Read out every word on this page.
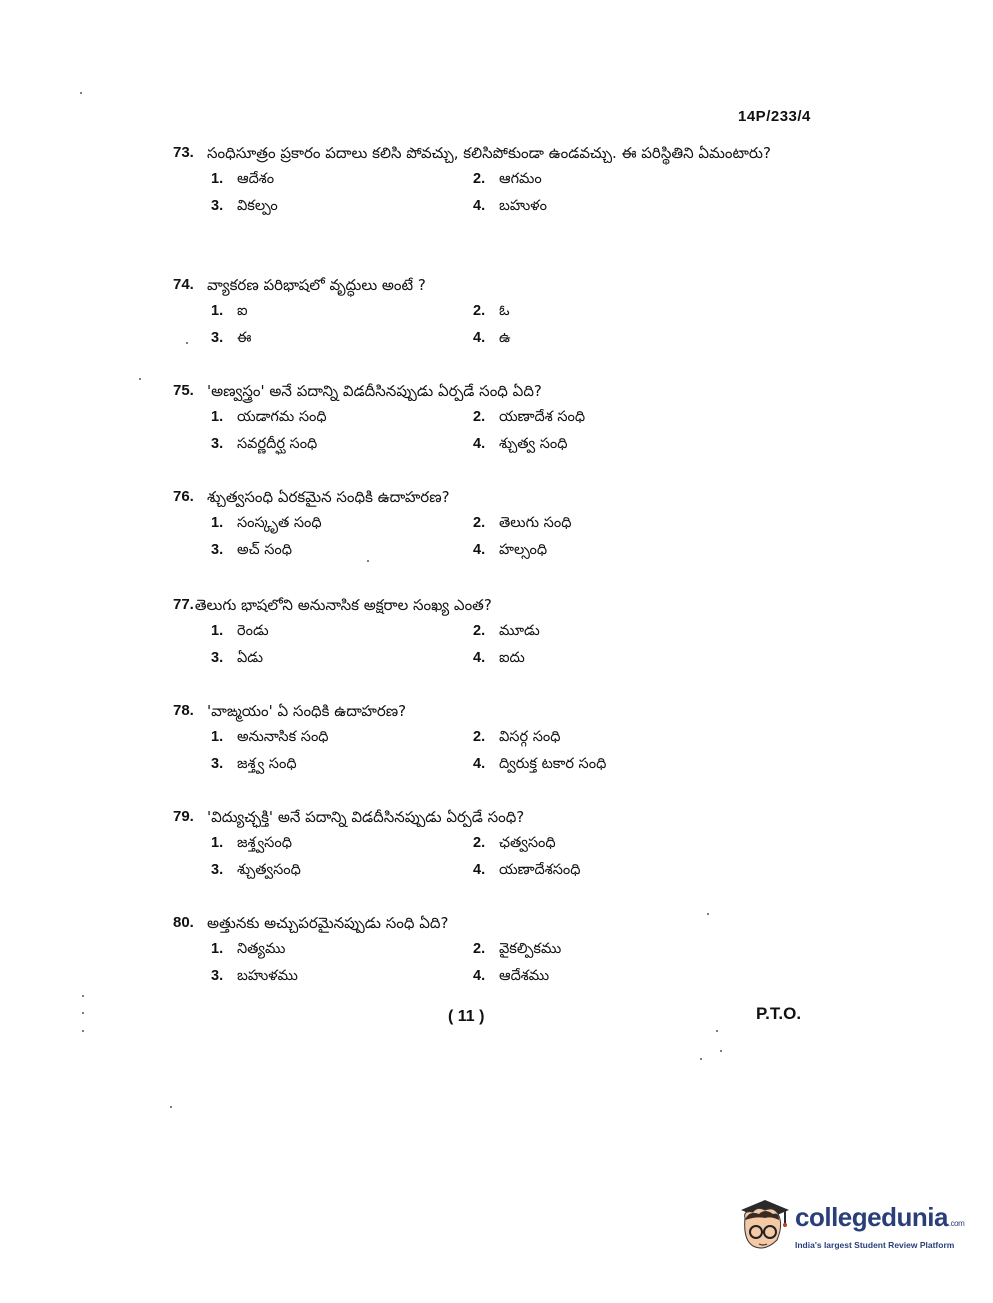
14P/233/4
73. సంధిసూత్రం ప్రకారం పదాలు కలిసి పోవచ్చు, కలిసిపోకుండా ఉండవచ్చు. ఈ పరిస్థితిని ఏమంటారు?
1. ఆదేశం	2. ఆగమం
3. వికల్పం	4. బహుళం
74. వ్యాకరణ పరిభాషలో వృద్ధులు అంటే ?
1. ఐ	2. ఓ
3. ఈ	4. ఉ
75. 'అణ్వస్త్రం' అనే పదాన్ని విడదీసినప్పుడు ఏర్పడే సంధి ఏది?
1. యడాగమ సంధి	2. యణాదేశ సంధి
3. సవర్ణదీర్ఘ సంధి	4. శ్చుత్వ సంధి
76. శ్చుత్వసంధి ఏరకమైన సంధికి ఉదాహరణ?
1. సంస్కృత సంధి	2. తెలుగు సంధి
3. అచ్ సంధి	4. హల్సంధి
77. తెలుగు భాషలోని అనునాసిక అక్షరాల సంఖ్య ఎంత?
1. రెండు	2. మూడు
3. ఏడు	4. ఐదు
78. 'వాఙ్మయం' ఏ సంధికి ఉదాహరణ?
1. అనునాసిక సంధి	2. విసర్గ సంధి
3. జశ్త్వ సంధి	4. ద్విరుక్త టకార సంధి
79. 'విద్యుచ్ఛక్తి' అనే పదాన్ని విడదీసినప్పుడు ఏర్పడే సంధి?
1. జశ్త్వసంధి	2. ఛత్వసంధి
3. శ్చుత్వసంధి	4. యణాదేశసంధి
80. అత్తునకు అచ్చుపరమైనప్పుడు సంధి ఏది?
1. నిత్యము	2. వైకల్పికము
3. బహుళము	4. ఆదేశము
( 11 )	P.T.O.
collegedunia.com
India's largest Student Review Platform
